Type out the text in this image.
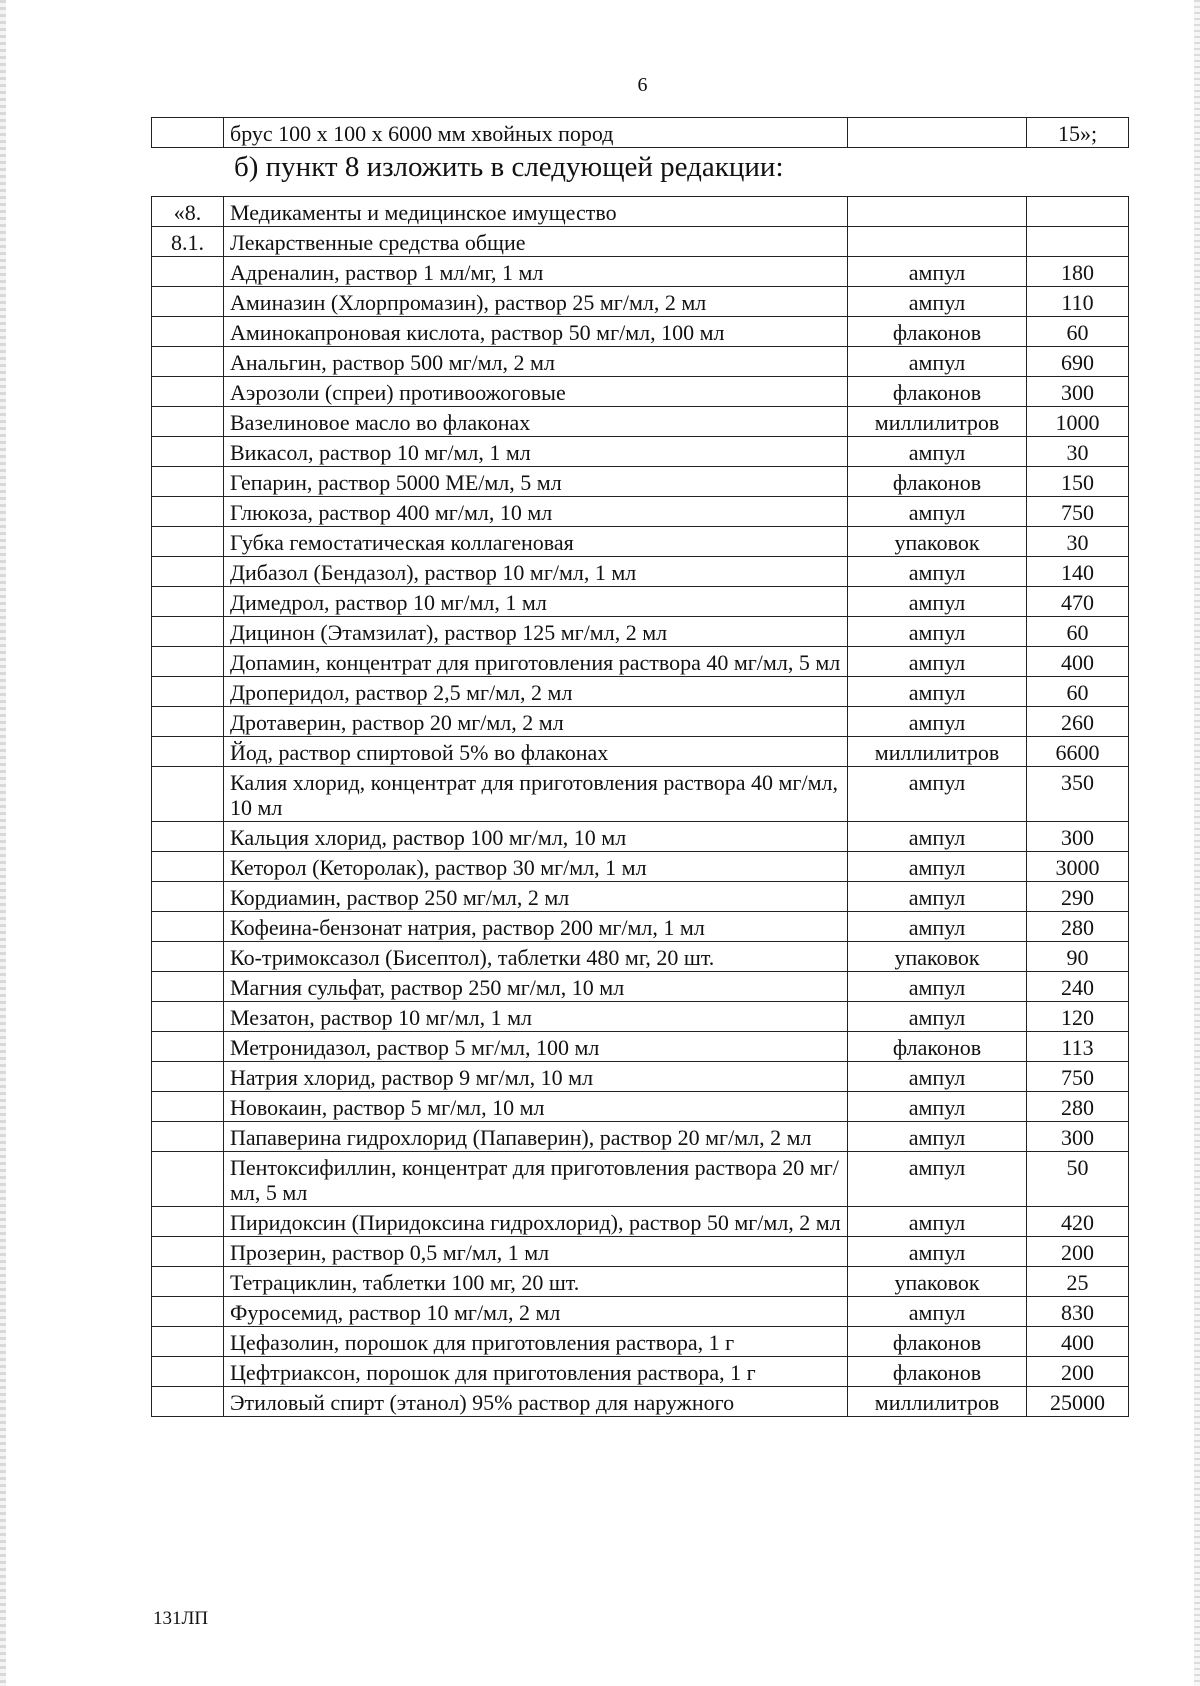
6
	брус 100 х 100 х 6000 мм хвойных пород		15»;
б) пункт 8 изложить в следующей редакции:
«8.	Медикаменты и медицинское имущество		
8.1.	Лекарственные средства общие		
	Адреналин, раствор 1 мл/мг, 1 мл	ампул	180
	Аминазин (Хлорпромазин), раствор 25 мг/мл, 2 мл	ампул	110
	Аминокапроновая кислота, раствор 50 мг/мл, 100 мл	флаконов	60
	Анальгин, раствор 500 мг/мл, 2 мл	ампул	690
	Аэрозоли (спреи) противоожоговые	флаконов	300
	Вазелиновое масло во флаконах	миллилитров	1000
	Викасол, раствор 10 мг/мл, 1 мл	ампул	30
	Гепарин, раствор 5000 МЕ/мл, 5 мл	флаконов	150
	Глюкоза, раствор 400 мг/мл, 10 мл	ампул	750
	Губка гемостатическая коллагеновая	упаковок	30
	Дибазол (Бендазол), раствор 10 мг/мл, 1 мл	ампул	140
	Димедрол, раствор 10 мг/мл, 1 мл	ампул	470
	Дицинон (Этамзилат), раствор 125 мг/мл, 2 мл	ампул	60
	Допамин, концентрат для приготовления раствора 40 мг/мл, 5 мл	ампул	400
	Дроперидол, раствор 2,5 мг/мл, 2 мл	ампул	60
	Дротаверин, раствор 20 мг/мл, 2 мл	ампул	260
	Йод, раствор спиртовой 5% во флаконах	миллилитров	6600
	Калия хлорид, концентрат для приготовления раствора 40 мг/мл, 10 мл	ампул	350
	Кальция хлорид, раствор 100 мг/мл, 10 мл	ампул	300
	Кеторол (Кеторолак), раствор 30 мг/мл, 1 мл	ампул	3000
	Кордиамин, раствор 250 мг/мл, 2 мл	ампул	290
	Кофеина-бензонат натрия, раствор 200 мг/мл, 1 мл	ампул	280
	Ко-тримоксазол (Бисептол), таблетки 480 мг, 20 шт.	упаковок	90
	Магния сульфат, раствор 250 мг/мл, 10 мл	ампул	240
	Мезатон, раствор 10 мг/мл, 1 мл	ампул	120
	Метронидазол, раствор 5 мг/мл, 100 мл	флаконов	113
	Натрия хлорид, раствор 9 мг/мл, 10 мл	ампул	750
	Новокаин, раствор 5 мг/мл, 10 мл	ампул	280
	Папаверина гидрохлорид (Папаверин), раствор 20 мг/мл, 2 мл	ампул	300
	Пентоксифиллин, концентрат для приготовления раствора 20 мг/мл, 5 мл	ампул	50
	Пиридоксин (Пиридоксина гидрохлорид), раствор 50 мг/мл, 2 мл	ампул	420
	Прозерин, раствор 0,5 мг/мл, 1 мл	ампул	200
	Тетрациклин, таблетки 100 мг, 20 шт.	упаковок	25
	Фуросемид, раствор 10 мг/мл, 2 мл	ампул	830
	Цефазолин, порошок для приготовления раствора, 1 г	флаконов	400
	Цефтриаксон, порошок для приготовления раствора, 1 г	флаконов	200
	Этиловый спирт (этанол) 95% раствор для наружного	миллилитров	25000
131ЛП
